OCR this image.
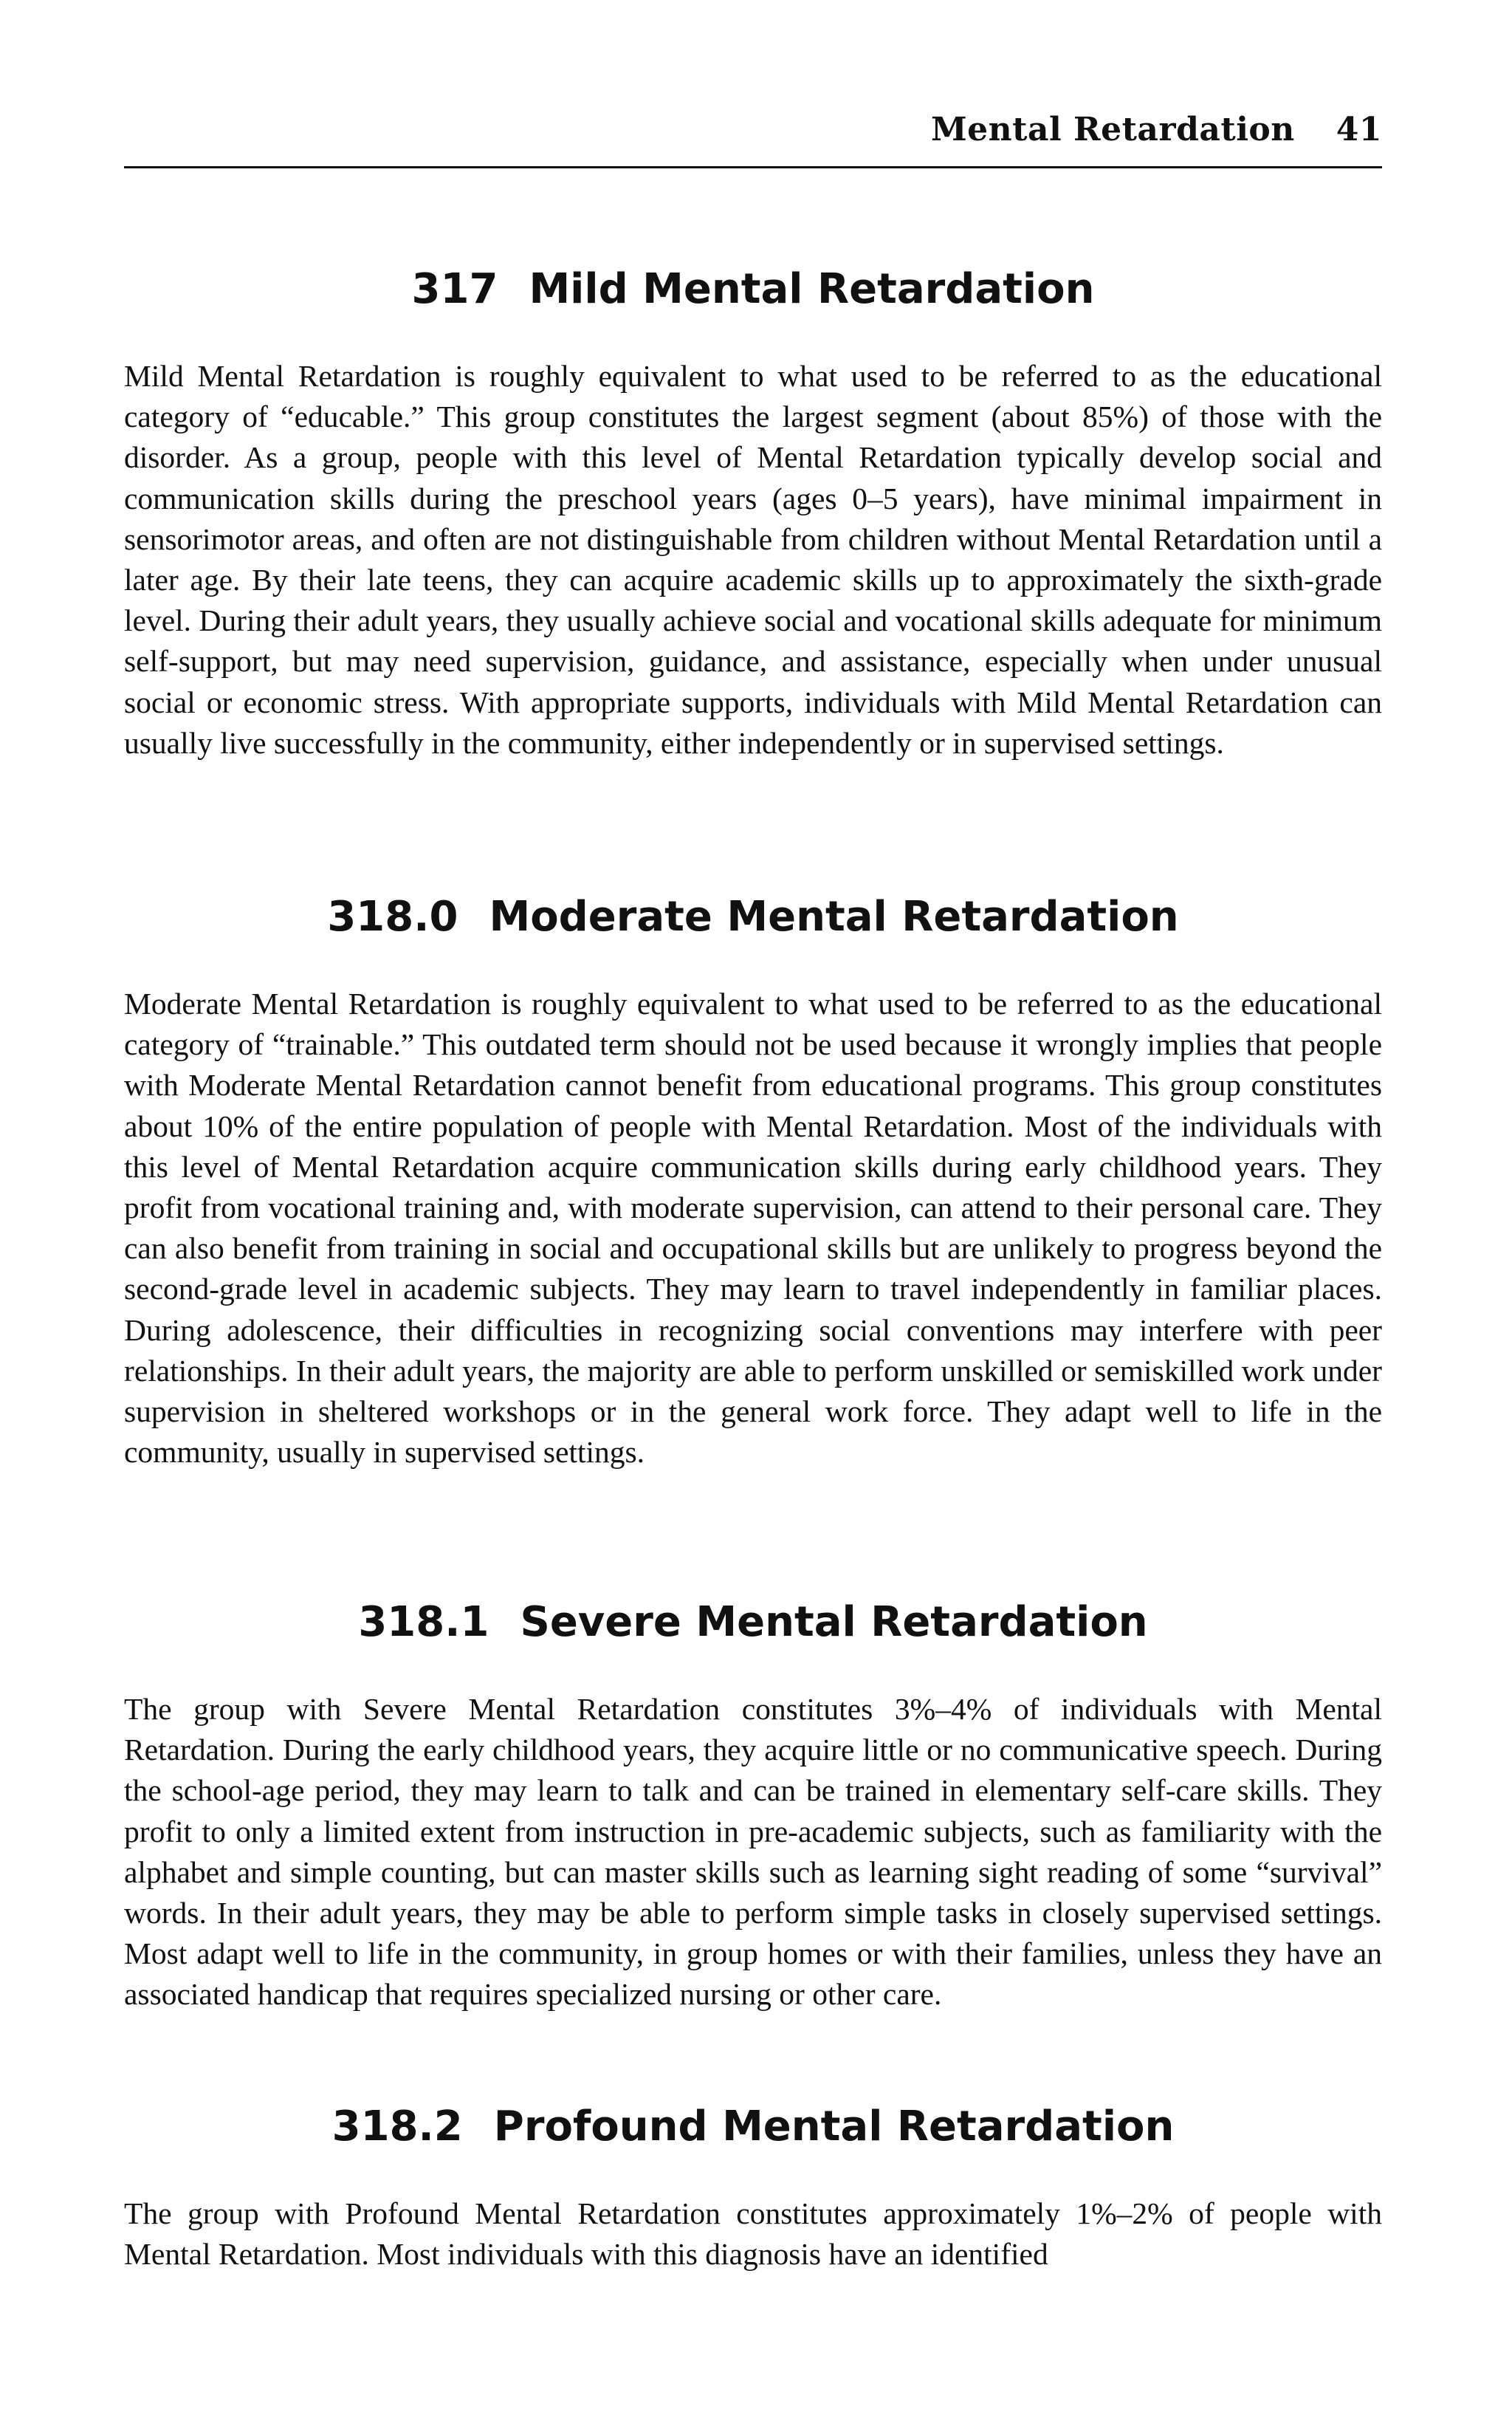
Mental Retardation 41
317 Mild Mental Retardation

Mild Mental Retardation is roughly equivalent to what used to be referred to as the educational category of “educable.” This group constitutes the largest segment (about 85%) of those with the disorder. As a group, people with this level of Mental Retardation typically develop social and communication skills during the preschool years (ages 0–5 years), have minimal impairment in sensorimotor areas, and often are not distinguishable from children without Mental Retardation until a later age. By their late teens, they can acquire academic skills up to approximately the sixth-grade level. During their adult years, they usually achieve social and vocational skills adequate for minimum self-support, but may need supervision, guidance, and assistance, especially when under unusual social or economic stress. With appropriate supports, individuals with Mild Mental Retardation can usually live successfully in the community, either independently or in supervised settings.

318.0 Moderate Mental Retardation

Moderate Mental Retardation is roughly equivalent to what used to be referred to as the educational category of “trainable.” This outdated term should not be used because it wrongly implies that people with Moderate Mental Retardation cannot benefit from educational programs. This group constitutes about 10% of the entire population of people with Mental Retardation. Most of the individuals with this level of Mental Retardation acquire communication skills during early childhood years. They profit from vocational training and, with moderate supervision, can attend to their personal care. They can also benefit from training in social and occupational skills but are unlikely to progress beyond the second-grade level in academic subjects. They may learn to travel independently in familiar places. During adolescence, their difficulties in recognizing social conventions may interfere with peer relationships. In their adult years, the majority are able to perform unskilled or semiskilled work under supervision in sheltered workshops or in the general work force. They adapt well to life in the community, usually in supervised settings.

318.1 Severe Mental Retardation

The group with Severe Mental Retardation constitutes 3%–4% of individuals with Mental Retardation. During the early childhood years, they acquire little or no communicative speech. During the school-age period, they may learn to talk and can be trained in elementary self-care skills. They profit to only a limited extent from instruction in pre-academic subjects, such as familiarity with the alphabet and simple counting, but can master skills such as learning sight reading of some “survival” words. In their adult years, they may be able to perform simple tasks in closely supervised settings. Most adapt well to life in the community, in group homes or with their families, unless they have an associated handicap that requires specialized nursing or other care.

318.2 Profound Mental Retardation

The group with Profound Mental Retardation constitutes approximately 1%–2% of people with Mental Retardation. Most individuals with this diagnosis have an identified
